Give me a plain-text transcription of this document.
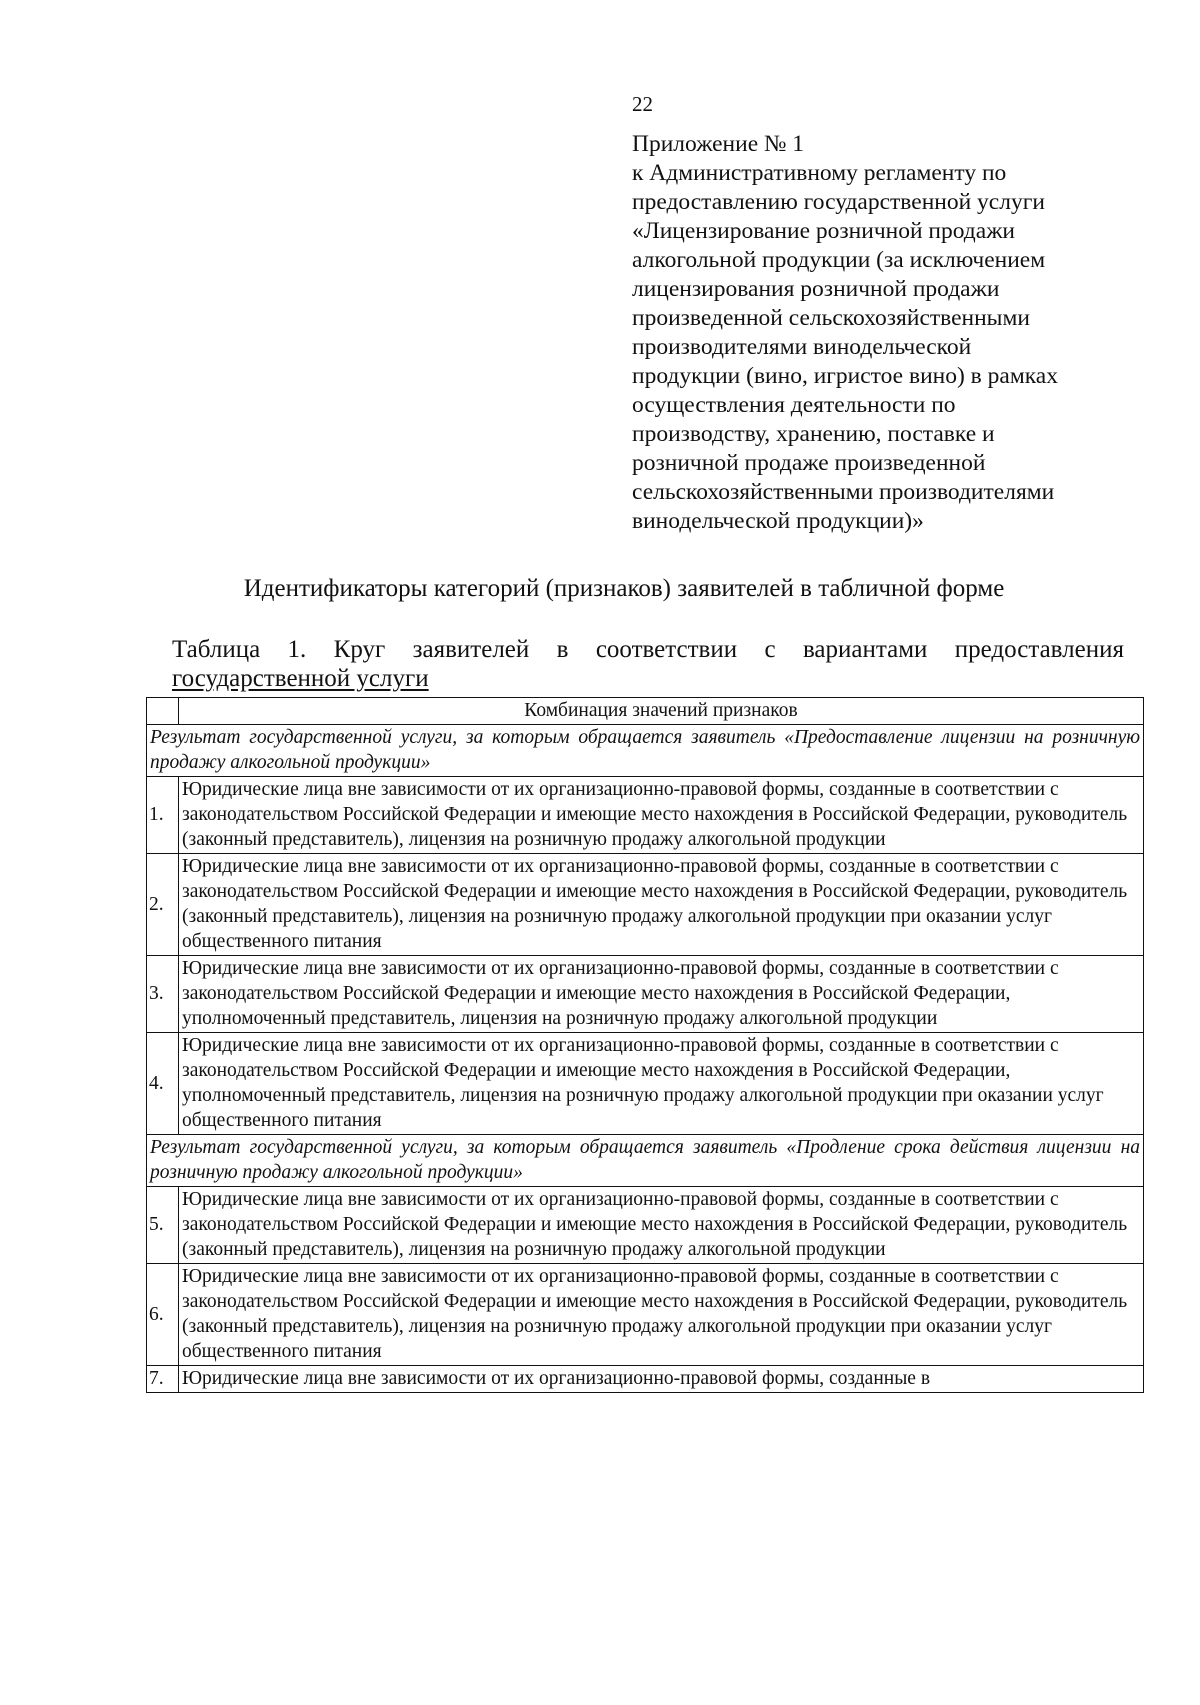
22
Приложение № 1
к Административному регламенту по
предоставлению государственной услуги
«Лицензирование розничной продажи
алкогольной продукции (за исключением
лицензирования розничной продажи
произведенной сельскохозяйственными
производителями винодельческой
продукции (вино, игристое вино) в рамках
осуществления деятельности по
производству, хранению, поставке и
розничной продаже произведенной
сельскохозяйственными производителями
винодельческой продукции)»
Идентификаторы категорий (признаков) заявителей в табличной форме
Таблица 1. Круг заявителей в соответствии с вариантами предоставления
государственной услуги
	Комбинация значений признаков
Результат государственной услуги, за которым обращается заявитель «Предоставление лицензии на розничную продажу алкогольной продукции»	
1.	Юридические лица вне зависимости от их организационно-правовой формы, созданные в соответствии с законодательством Российской Федерации и имеющие место нахождения в Российской Федерации, руководитель (законный представитель), лицензия на розничную продажу алкогольной продукции
2.	Юридические лица вне зависимости от их организационно-правовой формы, созданные в соответствии с законодательством Российской Федерации и имеющие место нахождения в Российской Федерации, руководитель (законный представитель), лицензия на розничную продажу алкогольной продукции при оказании услуг общественного питания
3.	Юридические лица вне зависимости от их организационно-правовой формы, созданные в соответствии с законодательством Российской Федерации и имеющие место нахождения в Российской Федерации, уполномоченный представитель, лицензия на розничную продажу алкогольной продукции
4.	Юридические лица вне зависимости от их организационно-правовой формы, созданные в соответствии с законодательством Российской Федерации и имеющие место нахождения в Российской Федерации, уполномоченный представитель, лицензия на розничную продажу алкогольной продукции при оказании услуг общественного питания
Результат государственной услуги, за которым обращается заявитель «Продление срока действия лицензии на розничную продажу алкогольной продукции»	
5.	Юридические лица вне зависимости от их организационно-правовой формы, созданные в соответствии с законодательством Российской Федерации и имеющие место нахождения в Российской Федерации, руководитель (законный представитель), лицензия на розничную продажу алкогольной продукции
6.	Юридические лица вне зависимости от их организационно-правовой формы, созданные в соответствии с законодательством Российской Федерации и имеющие место нахождения в Российской Федерации, руководитель (законный представитель), лицензия на розничную продажу алкогольной продукции при оказании услуг общественного питания
7.	Юридические лица вне зависимости от их организационно-правовой формы, созданные в
